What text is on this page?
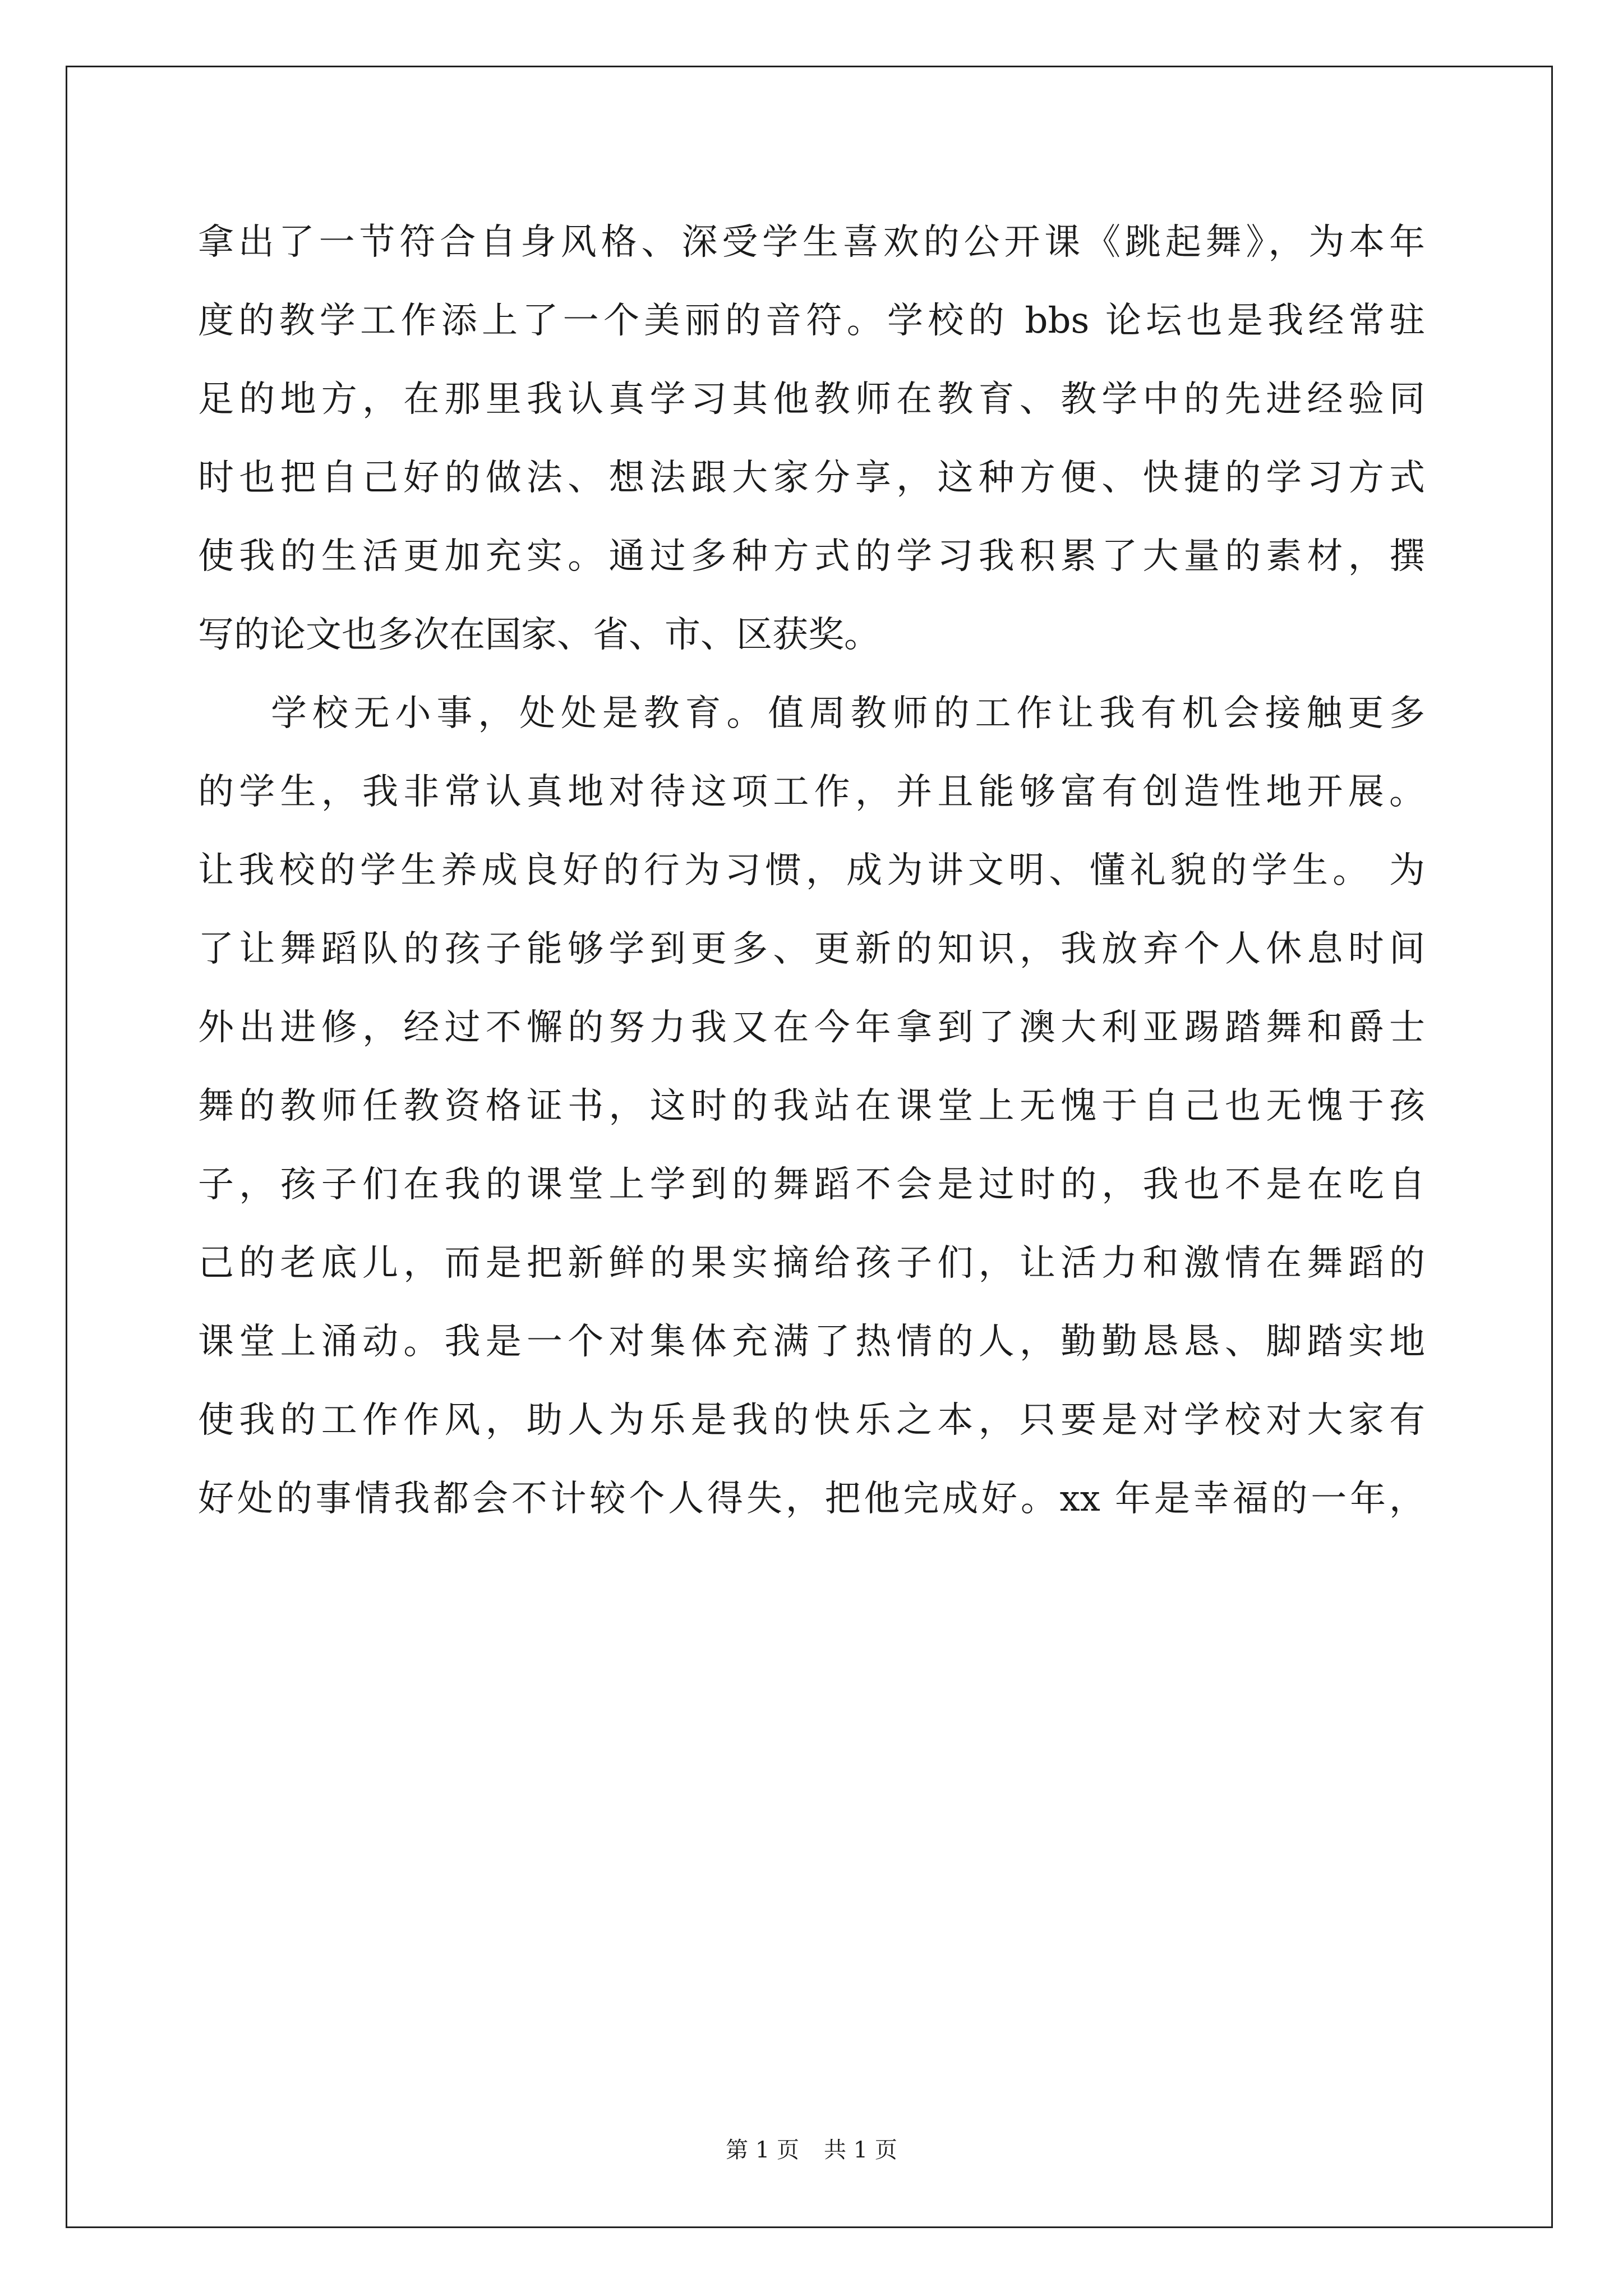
拿出了一节符合自身风格、深受学生喜欢的公开课《跳起舞》，为本年
度的教学工作添上了一个美丽的音符。学校的 bbs 论坛也是我经常驻
足的地方，在那里我认真学习其他教师在教育、教学中的先进经验同
时也把自己好的做法、想法跟大家分享，这种方便、快捷的学习方式
使我的生活更加充实。通过多种方式的学习我积累了大量的素材，撰
写的论文也多次在国家、省、市、区获奖。
学校无小事，处处是教育。值周教师的工作让我有机会接触更多
的学生，我非常认真地对待这项工作，并且能够富有创造性地开展。
让我校的学生养成良好的行为习惯，成为讲文明、懂礼貌的学生。 为
了让舞蹈队的孩子能够学到更多、更新的知识，我放弃个人休息时间
外出进修，经过不懈的努力我又在今年拿到了澳大利亚踢踏舞和爵士
舞的教师任教资格证书，这时的我站在课堂上无愧于自己也无愧于孩
子，孩子们在我的课堂上学到的舞蹈不会是过时的，我也不是在吃自
己的老底儿，而是把新鲜的果实摘给孩子们，让活力和激情在舞蹈的
课堂上涌动。我是一个对集体充满了热情的人，勤勤恳恳、脚踏实地
使我的工作作风，助人为乐是我的快乐之本，只要是对学校对大家有
好处的事情我都会不计较个人得失，把他完成好。xx 年是幸福的一年，
第 1 页 共 1 页
